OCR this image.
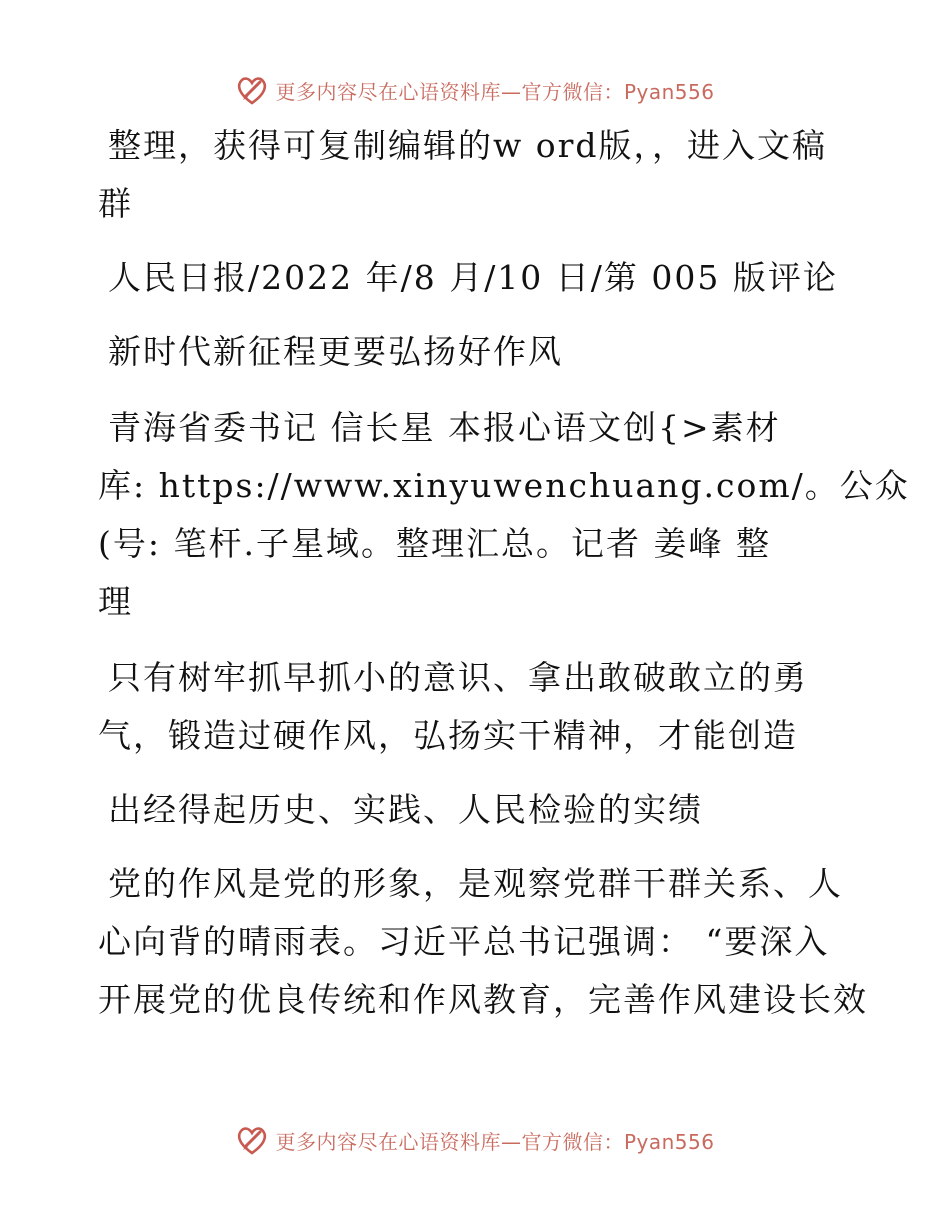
更多内容尽在心语资料库—官方微信：Pyan556
整理，获得可复制编辑的w ord版，，进入文稿
群
人民日报/2022 年/8 月/10 日/第 005 版评论
新时代新征程更要弘扬好作风
青海省委书记 信长星 本报心语文创{>素材
库: https://www.xinyuwenchuang.com/。公众
(号: 笔杆.子星域。整理汇总。记者 姜峰 整
理
只有树牢抓早抓小的意识、拿出敢破敢立的勇
气，锻造过硬作风，弘扬实干精神，才能创造
出经得起历史、实践、人民检验的实绩
党的作风是党的形象，是观察党群干群关系、人
心向背的晴雨表。习近平总书记强调： “要深入
开展党的优良传统和作风教育，完善作风建设长效
更多内容尽在心语资料库—官方微信：Pyan556
